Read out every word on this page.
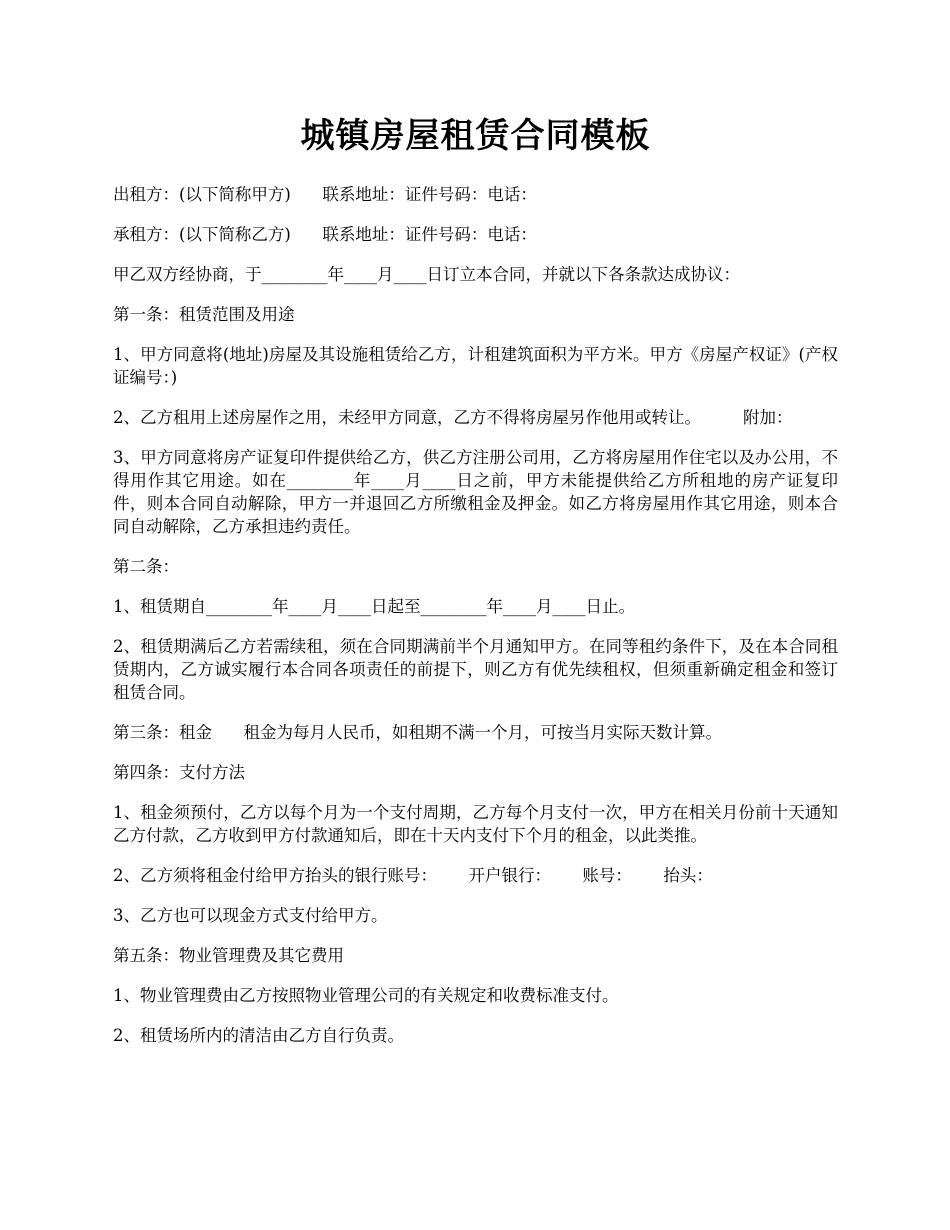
城镇房屋租赁合同模板

出租方：(以下简称甲方)      联系地址：证件号码：电话：

承租方：(以下简称乙方)      联系地址：证件号码：电话：

甲乙双方经协商，于________年____月____日订立本合同，并就以下各条款达成协议：

第一条：租赁范围及用途

1、甲方同意将(地址)房屋及其设施租赁给乙方，计租建筑面积为平方米。甲方《房屋产权证》(产权证编号：)

2、乙方租用上述房屋作之用，未经甲方同意，乙方不得将房屋另作他用或转让。        附加：

3、甲方同意将房产证复印件提供给乙方，供乙方注册公司用，乙方将房屋用作住宅以及办公用，不得用作其它用途。如在________年____月____日之前，甲方未能提供给乙方所租地的房产证复印件，则本合同自动解除，甲方一并退回乙方所缴租金及押金。如乙方将房屋用作其它用途，则本合同自动解除，乙方承担违约责任。

第二条：

1、租赁期自________年____月____日起至________年____月____日止。

2、租赁期满后乙方若需续租，须在合同期满前半个月通知甲方。在同等租约条件下，及在本合同租赁期内，乙方诚实履行本合同各项责任的前提下，则乙方有优先续租权，但须重新确定租金和签订租赁合同。

第三条：租金      租金为每月人民币，如租期不满一个月，可按当月实际天数计算。

第四条：支付方法

1、租金须预付，乙方以每个月为一个支付周期，乙方每个月支付一次，甲方在相关月份前十天通知乙方付款，乙方收到甲方付款通知后，即在十天内支付下个月的租金，以此类推。

2、乙方须将租金付给甲方抬头的银行账号：      开户银行：      账号：      抬头：

3、乙方也可以现金方式支付给甲方。

第五条：物业管理费及其它费用

1、物业管理费由乙方按照物业管理公司的有关规定和收费标准支付。

2、租赁场所内的清洁由乙方自行负责。
